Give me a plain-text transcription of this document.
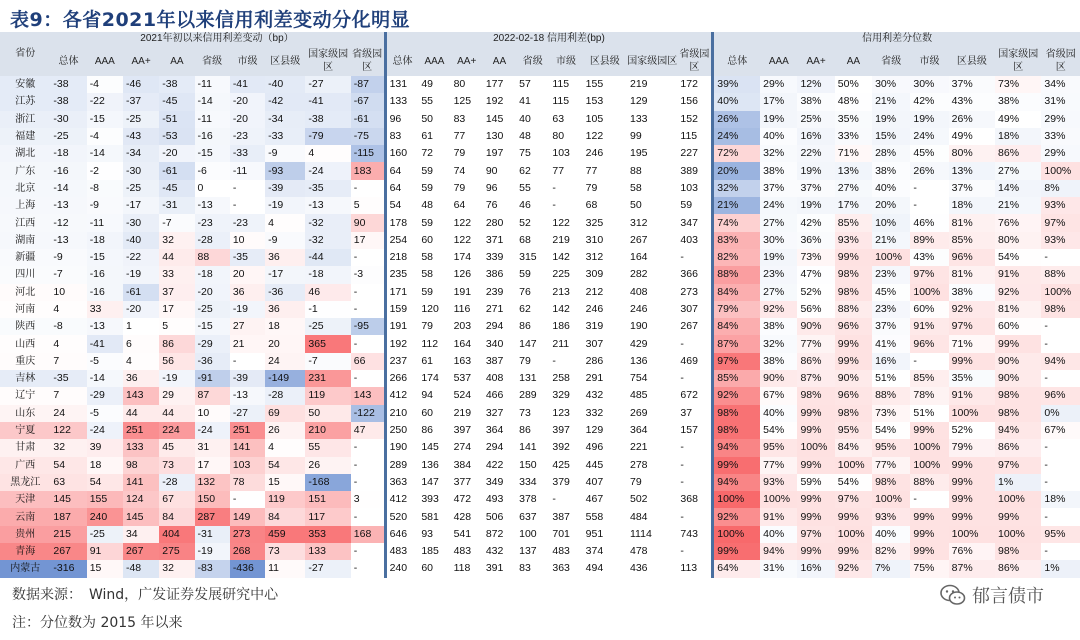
表9：各省2021年以来信用利差变动分化明显
省份	2021年初以来信用利差变动（bp）									2022-02-18 信用利差(bp)									信用利差分位数								
	总体	AAA	AA+	AA	省级	市级	区县级	国家级园区	省级园区	总体	AAA	AA+	AA	省级	市级	区县级	国家级园区	省级园区	总体	AAA	AA+	AA	省级	市级	区县级	国家级园区	省级园区
安徽	-38	-4	-46	-38	-11	-41	-40	-27	-87	131	49	80	177	57	115	155	219	172	39%	29%	12%	50%	30%	30%	37%	73%	34%
江苏	-38	-22	-37	-45	-14	-20	-42	-41	-67	133	55	125	192	41	115	153	129	156	40%	17%	38%	48%	21%	42%	43%	38%	31%
浙江	-30	-15	-25	-51	-11	-20	-34	-38	-61	96	50	83	145	40	63	105	133	152	26%	19%	25%	35%	19%	19%	26%	49%	29%
福建	-25	-4	-43	-53	-16	-23	-33	-79	-75	83	61	77	130	48	80	122	99	115	24%	40%	16%	33%	15%	24%	49%	18%	33%
湖北	-18	-14	-34	-20	-15	-33	-9	4	-115	160	72	79	197	75	103	246	195	227	72%	32%	22%	71%	28%	45%	80%	86%	29%
广东	-16	-2	-30	-61	-6	-11	-93	-24	183	64	59	74	90	62	77	77	88	389	20%	38%	19%	13%	38%	26%	13%	27%	100%
北京	-14	-8	-25	-45	0	-	-39	-35	-	64	59	79	96	55	-	79	58	103	32%	37%	37%	27%	40%	-	37%	14%	8%
上海	-13	-9	-17	-31	-13	-	-19	-13	5	54	48	64	76	46	-	68	50	59	21%	24%	19%	17%	20%	-	18%	21%	93%
江西	-12	-11	-30	-7	-23	-23	4	-32	90	178	59	122	280	52	122	325	312	347	74%	27%	42%	85%	10%	46%	81%	76%	97%
湖南	-13	-18	-40	32	-28	10	-9	-32	17	254	60	122	371	68	219	310	267	403	83%	30%	36%	93%	21%	89%	85%	80%	93%
新疆	-9	-15	-22	44	88	-35	36	-44	-	218	58	174	339	315	142	312	164	-	82%	19%	73%	99%	100%	43%	96%	54%	-
四川	-7	-16	-19	33	-18	20	-17	-18	-3	235	58	126	386	59	225	309	282	366	88%	23%	47%	98%	23%	97%	81%	91%	88%
河北	10	-16	-61	37	-20	36	-36	46	-	171	59	191	239	76	213	212	408	273	84%	27%	52%	98%	45%	100%	38%	92%	100%
河南	4	33	-20	17	-25	-19	36	-1	-	159	120	116	271	62	142	246	246	307	79%	92%	56%	88%	23%	60%	92%	81%	98%
陕西	-8	-13	1	5	-15	27	18	-25	-95	191	79	203	294	86	186	319	190	267	84%	38%	90%	96%	37%	91%	97%	60%	-
山西	4	-41	6	86	-29	21	20	365	-	192	112	164	340	147	211	307	429	-	87%	32%	77%	99%	41%	96%	71%	99%	-
重庆	7	-5	4	56	-36	-	24	-7	66	237	61	163	387	79	-	286	136	469	97%	38%	86%	99%	16%	-	99%	90%	94%
吉林	-35	-14	36	-19	-91	-39	-149	231	-	266	174	537	408	131	258	291	754	-	85%	90%	87%	90%	51%	85%	35%	90%	-
辽宁	7	-29	143	29	87	-13	-28	119	143	412	94	524	466	289	329	432	485	672	92%	67%	98%	96%	88%	78%	91%	98%	96%
山东	24	-5	44	44	10	-27	69	50	-122	210	60	219	327	73	123	332	269	37	98%	40%	99%	98%	73%	51%	100%	98%	0%
宁夏	122	-24	251	224	-24	251	26	210	47	250	86	397	364	86	397	129	364	157	98%	54%	99%	95%	54%	99%	52%	94%	67%
甘肃	32	39	133	45	31	141	4	55	-	190	145	274	294	141	392	496	221	-	94%	95%	100%	84%	95%	100%	79%	86%	-
广西	54	18	98	73	17	103	54	26	-	289	136	384	422	150	425	445	278	-	99%	77%	99%	100%	77%	100%	99%	97%	-
黑龙江	63	54	141	-28	132	78	15	-168	-	363	147	377	349	334	379	407	79	-	94%	93%	59%	54%	98%	88%	99%	1%	-
天津	145	155	124	67	150	-	119	151	3	412	393	472	493	378	-	467	502	368	100%	100%	99%	97%	100%	-	99%	100%	18%
云南	187	240	145	84	287	149	84	117	-	520	581	428	506	637	387	558	484	-	92%	91%	99%	99%	93%	99%	99%	99%	-
贵州	215	-25	34	404	-31	273	459	353	168	646	93	541	872	100	701	951	1114	743	100%	40%	97%	100%	40%	99%	100%	100%	95%
青海	267	91	267	275	-19	268	73	133	-	483	185	483	432	137	483	374	478	-	99%	94%	99%	99%	82%	99%	76%	98%	-
内蒙古	-316	15	-48	32	-83	-436	11	-27	-	240	60	118	391	83	363	494	436	113	64%	31%	16%	92%	7%	75%	87%	86%	1%
数据来源：　Wind，广发证券发展研究中心
注：分位数为 2015 年以来
郁言债市
